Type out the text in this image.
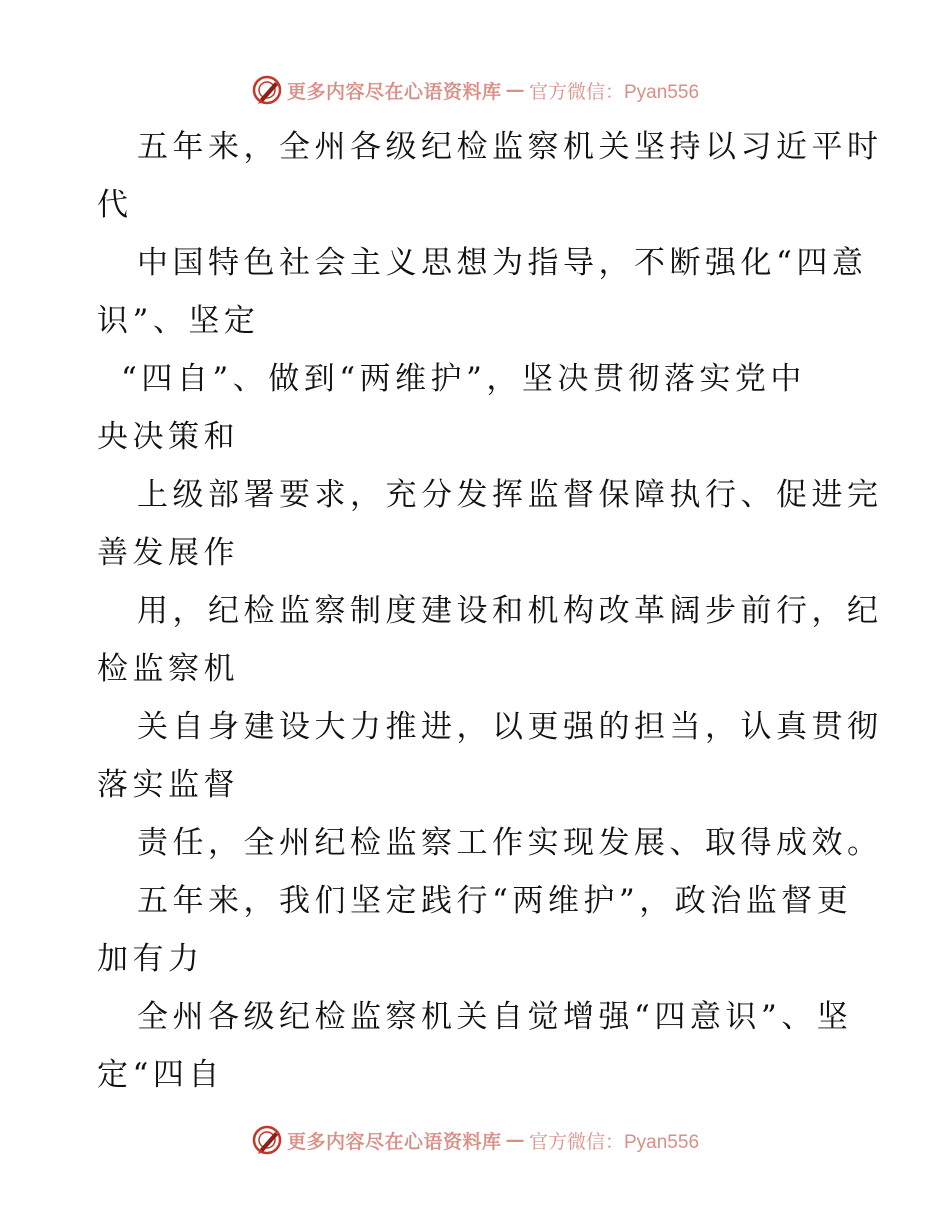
更多内容尽在心语资料库 — 官方微信：Pyan556
五年来，全州各级纪检监察机关坚持以习近平时
代
中国特色社会主义思想为指导，不断强化“四意
识”、坚定
“四自”、做到“两维护”，坚决贯彻落实党中
央决策和
上级部署要求，充分发挥监督保障执行、促进完
善发展作
用，纪检监察制度建设和机构改革阔步前行，纪
检监察机
关自身建设大力推进，以更强的担当，认真贯彻
落实监督
责任，全州纪检监察工作实现发展、取得成效。
五年来，我们坚定践行“两维护”，政治监督更
加有力
全州各级纪检监察机关自觉增强“四意识”、坚
定“四自
更多内容尽在心语资料库 — 官方微信：Pyan556
